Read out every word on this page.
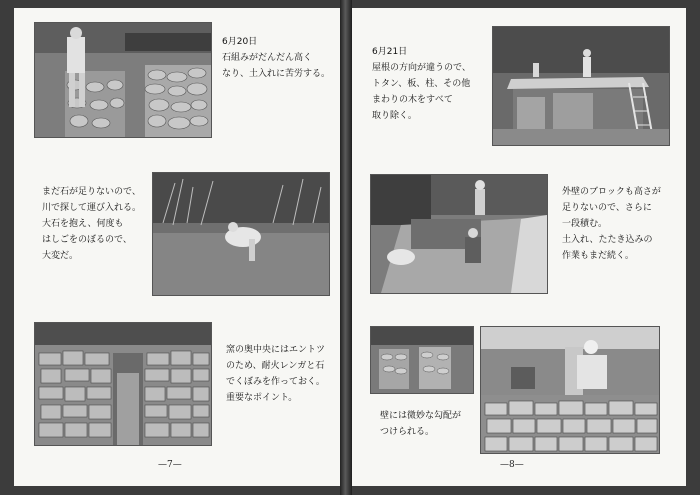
6月20日
石組みがだんだん高く
なり、土入れに苦労する。
まだ石が足りないので、
川で探して運び入れる。
大石を抱え、何度も
はしごをのぼるので、
大変だ。
窯の奥中央にはエントツ
のため、耐火レンガと石
でくぼみを作っておく。
重要なポイント。
—7—
6月21日
屋根の方向が違うので、
トタン、板、柱、その他
まわりの木をすべて
取り除く。
外壁のブロックも高さが
足りないので、さらに
一段積む。
土入れ、たたき込みの
作業もまだ続く。
壁には微妙な勾配が
つけられる。
—8—
